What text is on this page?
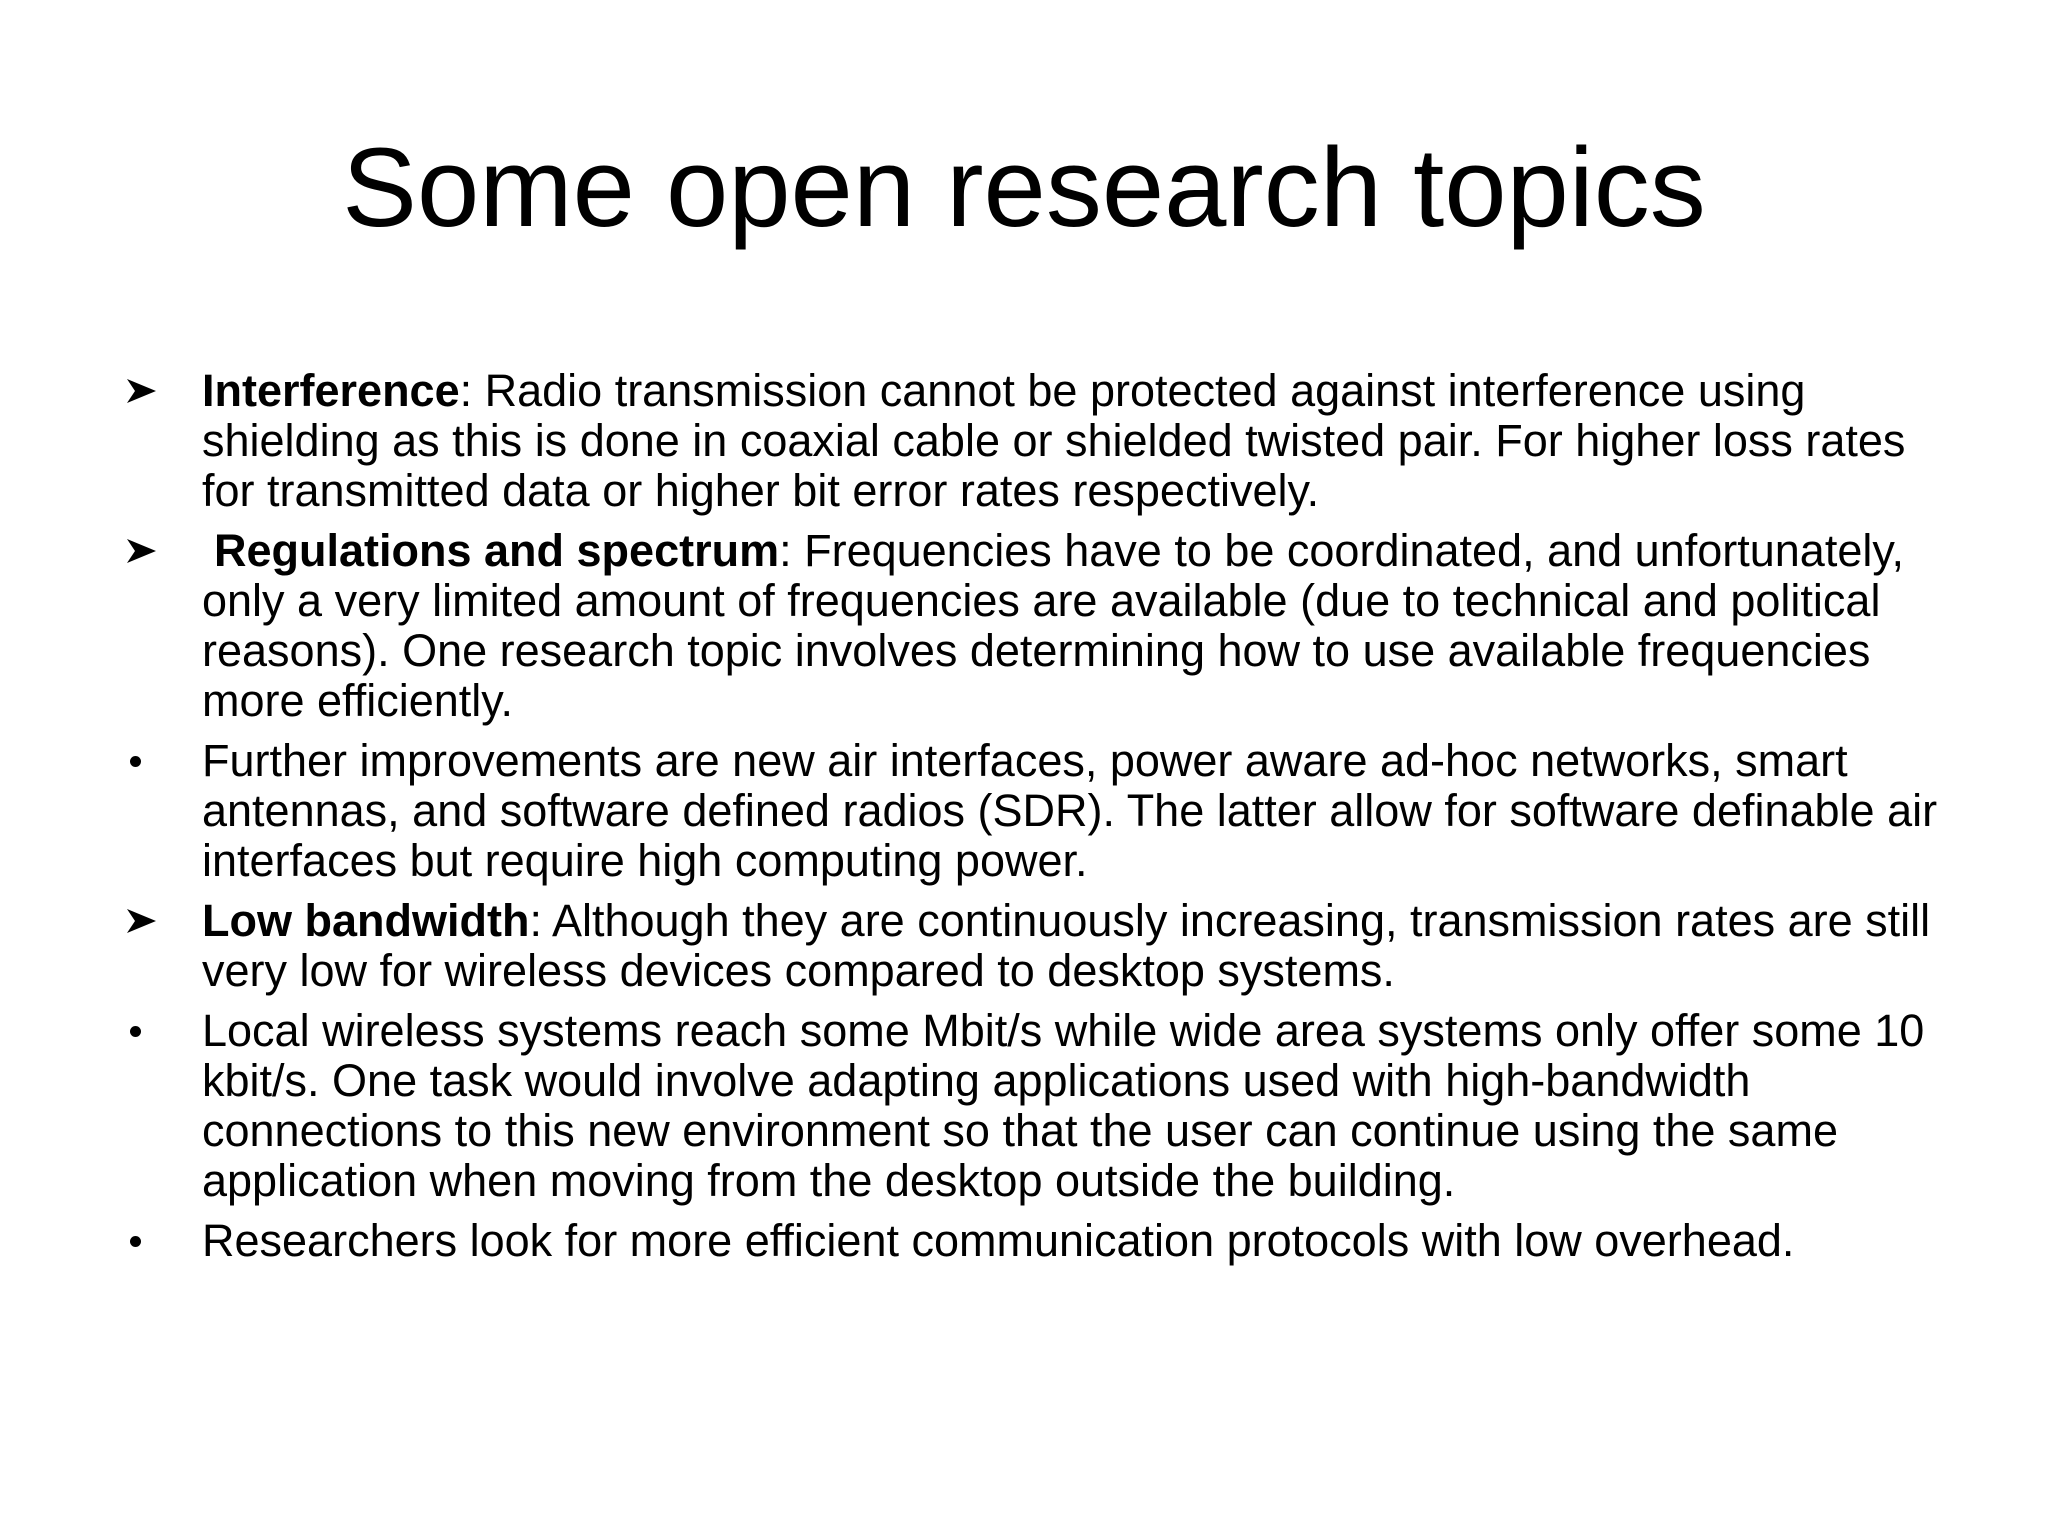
Some open research topics
Interference: Radio transmission cannot be protected against interference using shielding as this is done in coaxial cable or shielded twisted pair. For higher loss rates for transmitted data or higher bit error rates respectively.
Regulations and spectrum: Frequencies have to be coordinated, and unfortunately, only a very limited amount of frequencies are available (due to technical and political reasons). One research topic involves determining how to use available frequencies more efficiently.
Further improvements are new air interfaces, power aware ad-hoc networks, smart antennas, and software defined radios (SDR). The latter allow for software definable air interfaces but require high computing power.
Low bandwidth: Although they are continuously increasing, transmission rates are still very low for wireless devices compared to desktop systems.
Local wireless systems reach some Mbit/s while wide area systems only offer some 10 kbit/s. One task would involve adapting applications used with high-bandwidth connections to this new environment so that the user can continue using the same application when moving from the desktop outside the building.
Researchers look for more efficient communication protocols with low overhead.
